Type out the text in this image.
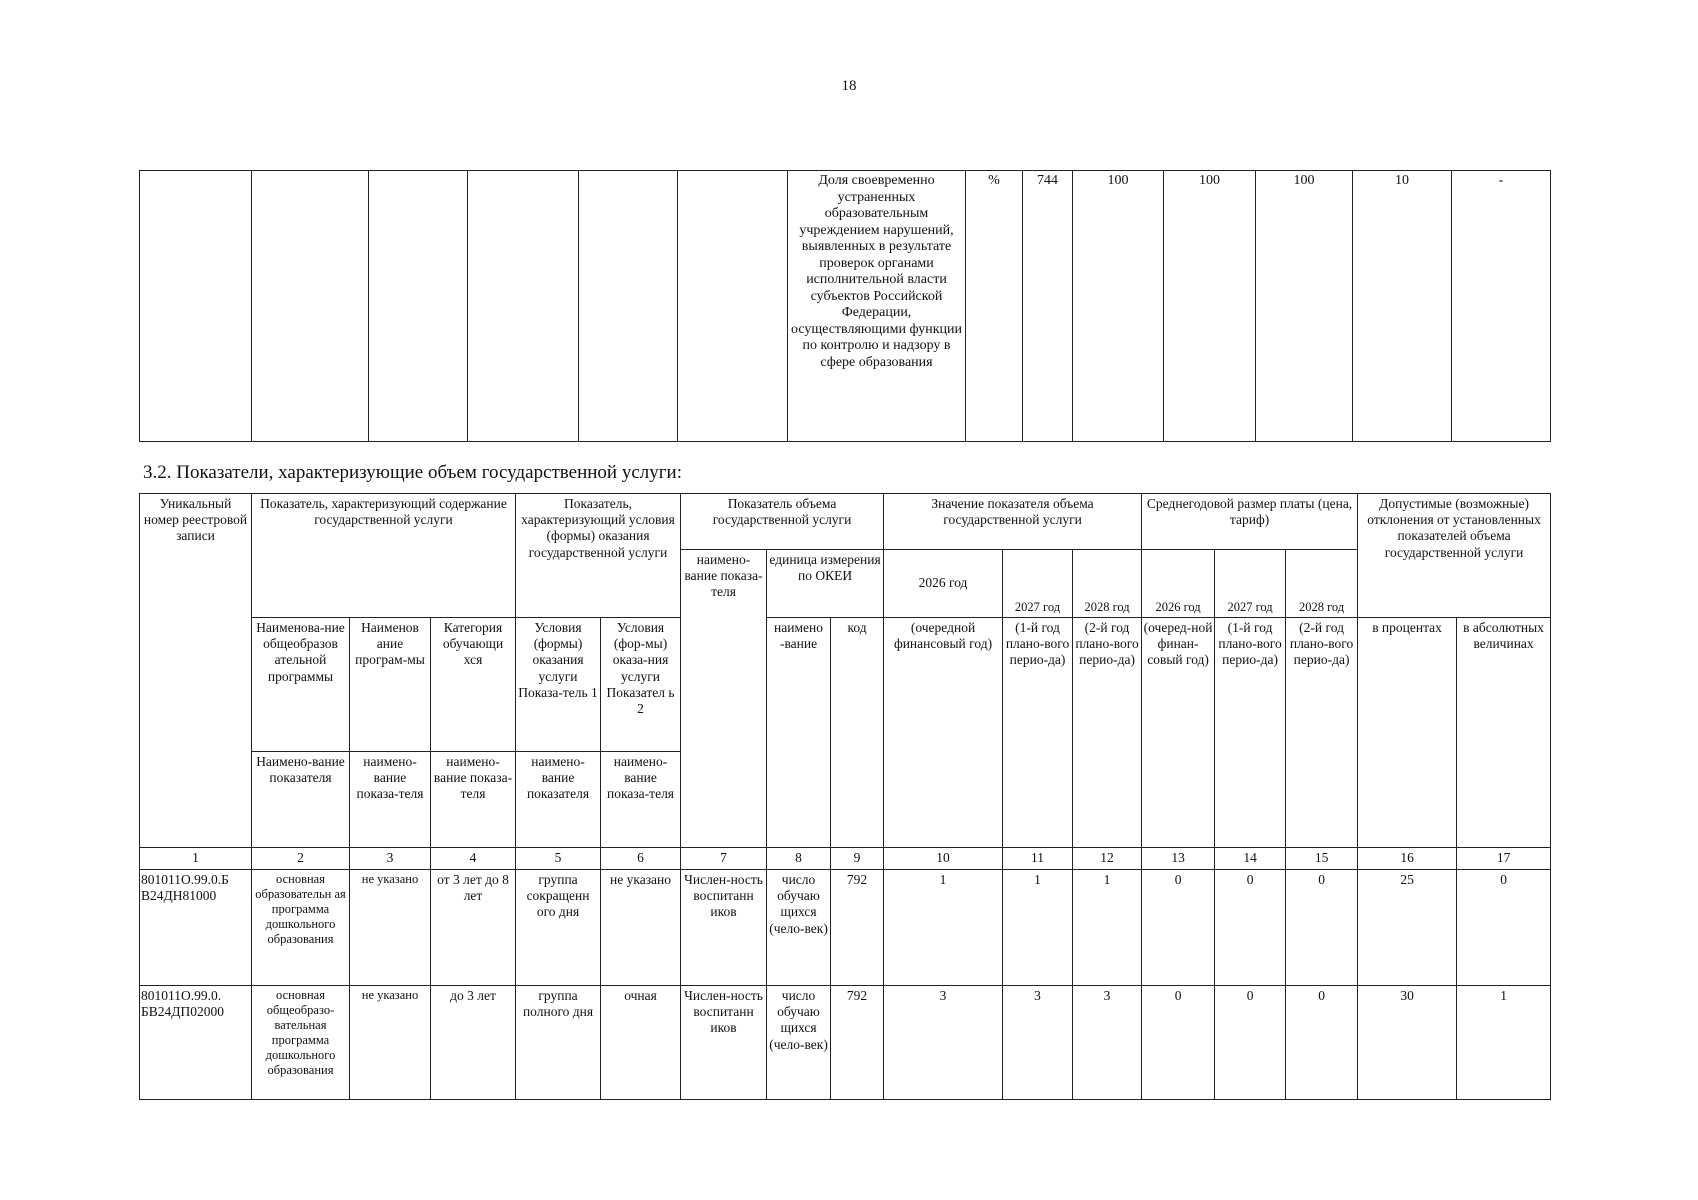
18
						Доля своевременно устраненных образовательным учреждением нарушений, выявленных в результате проверок органами исполнительной власти субъектов Российской Федерации, осуществляющими функции по контролю и надзору в сфере образования	%	744	100	100	100	10	-
3.2. Показатели, характеризующие объем государственной услуги:
Уникальный номер реестровой записи	Показатель, характеризующий содержание государственной услуги			Показатель, характеризующий условия (формы) оказания государственной услуги		Показатель объема государственной услуги			Значение показателя объема государственной услуги			Среднегодовой размер платы (цена, тариф)			Допустимые (возможные) отклонения от установленных показателей объема государственной услуги	
						наимено-вание показа-теля	единица измерения по ОКЕИ		2026 год	2027 год	2028 год	2026 год	2027 год	2028 год		
	Наименова-ние общеобразов ательной программы	Наименов ание програм-мы	Категория обучающи хся	Условия (формы) оказания услуги Показа-тель 1	Условия (фор-мы) оказа-ния услуги Показател ь 2		наимено -вание	код	(очередной финансовый год)	(1-й год плано-вого перио-да)	(2-й год плано-вого перио-да)	(очеред-ной финан-совый год)	(1-й год плано-вого перио-да)	(2-й год плано-вого перио-да)	в процентах	в абсолютных величинах

	Наимено-вание показателя	наимено-вание показа-теля	наимено-вание показа-теля	наимено-вание показателя	наимено-вание показа-теля											
1	2	3	4	5	6	7	8	9	10	11	12	13	14	15	16	17
801011О.99.0.Б В24ДН81000	основная образовательн ая программа дошкольного образования	не указано	от 3 лет до 8 лет	группа сокращенн ого дня	не указано	Числен-ность воспитанн иков	число обучаю щихся (чело-век)	792	1	1	1	0	0	0	25	0
801011О.99.0. БВ24ДП02000	основная общеобразо-вательная программа дошкольного образования	не указано	до 3 лет	группа полного дня	очная	Числен-ность воспитанн иков	число обучаю щихся (чело-век)	792	3	3	3	0	0	0	30	1
